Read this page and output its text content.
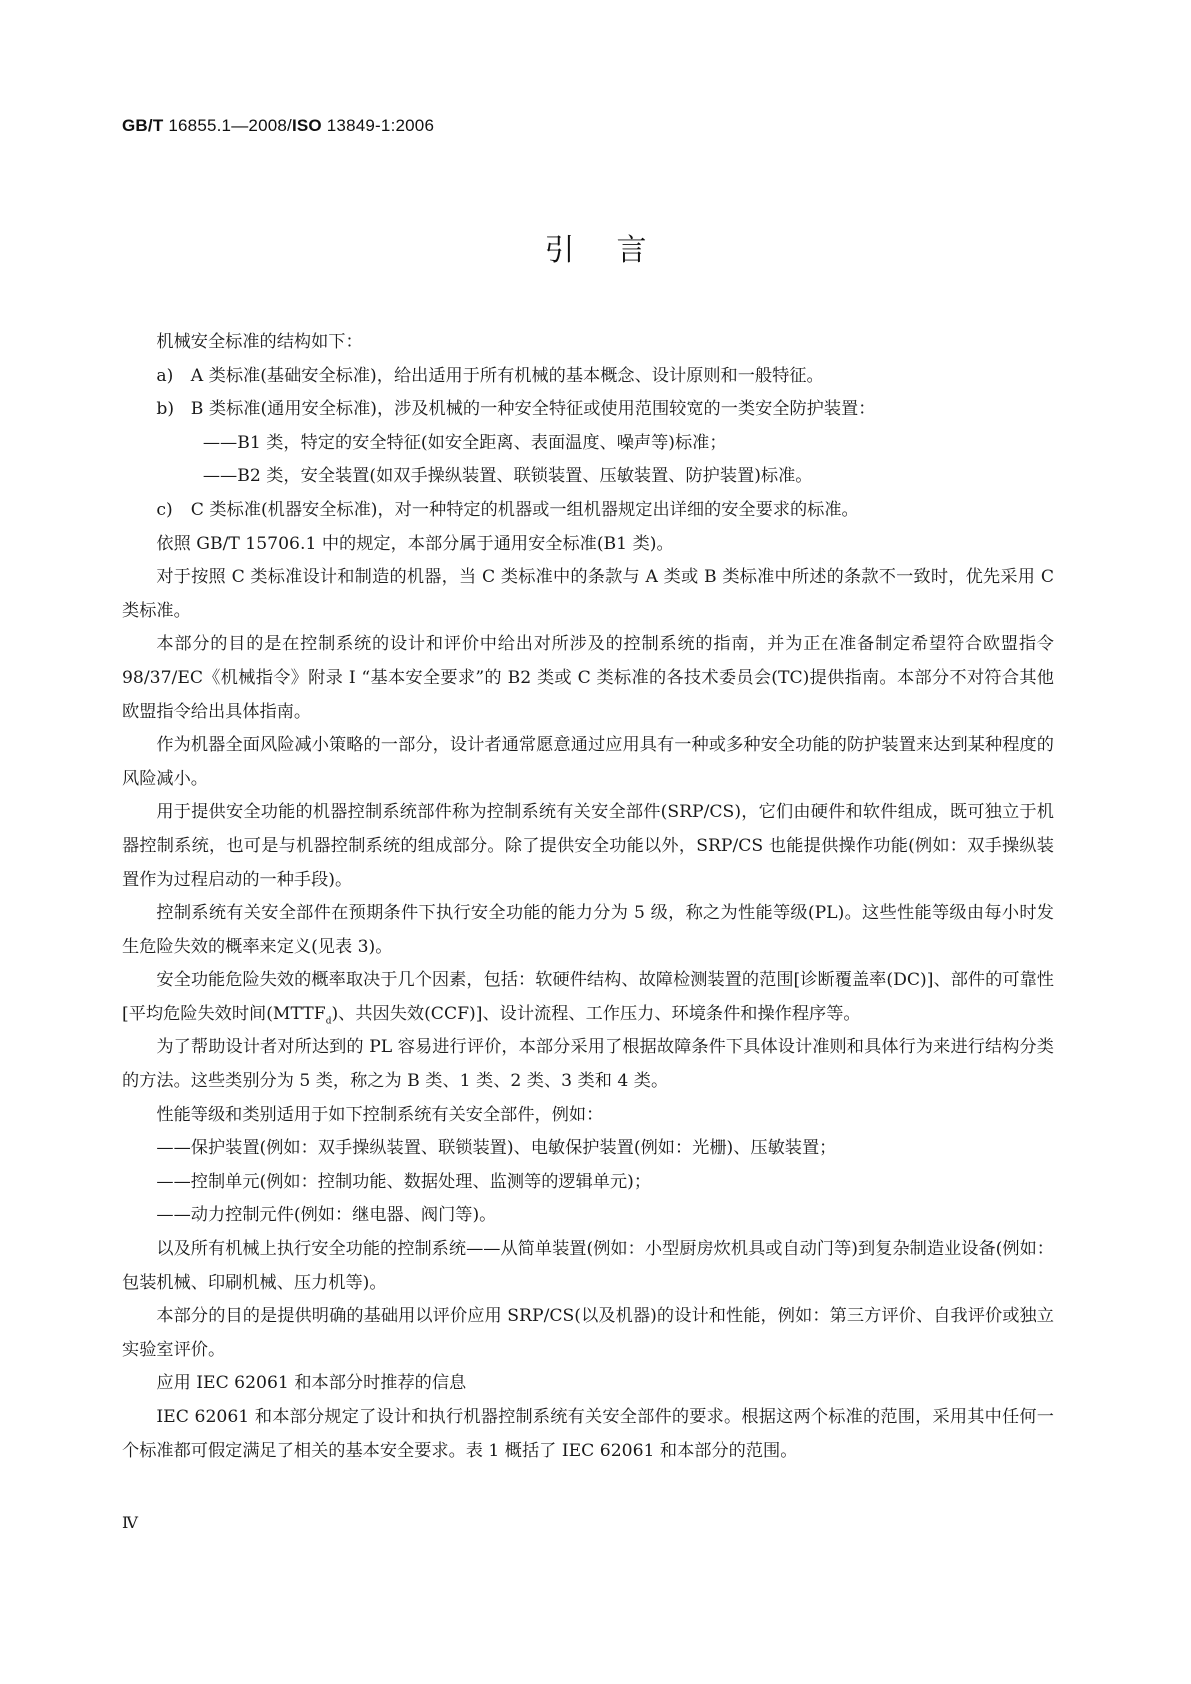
GB/T 16855.1—2008/ISO 13849-1:2006
引言

机械安全标准的结构如下：

a)	A 类标准(基础安全标准)，给出适用于所有机械的基本概念、设计原则和一般特征。

b) B 类标准(通用安全标准)，涉及机械的一种安全特征或使用范围较宽的一类安全防护装置：

——B1 类，特定的安全特征(如安全距离、表面温度、噪声等)标准；

——B2 类，安全装置(如双手操纵装置、联锁装置、压敏装置、防护装置)标准。

c)	C 类标准(机器安全标准)，对一种特定的机器或一组机器规定出详细的安全要求的标准。

依照 GB/T 15706.1 中的规定，本部分属于通用安全标准(B1 类)。

对于按照 C 类标准设计和制造的机器，当 C 类标准中的条款与 A 类或 B 类标准中所述的条款不一致时，优先采用 C 类标准。

本部分的目的是在控制系统的设计和评价中给出对所涉及的控制系统的指南，并为正在准备制定希望符合欧盟指令 98/37/EC《机械指令》附录 I “基本安全要求”的 B2 类或 C 类标准的各技术委员会(TC)提供指南。本部分不对符合其他欧盟指令给出具体指南。

作为机器全面风险减小策略的一部分，设计者通常愿意通过应用具有一种或多种安全功能的防护装置来达到某种程度的风险减小。

用于提供安全功能的机器控制系统部件称为控制系统有关安全部件(SRP/CS)，它们由硬件和软件组成，既可独立于机器控制系统，也可是与机器控制系统的组成部分。除了提供安全功能以外，SRP/CS 也能提供操作功能(例如：双手操纵装置作为过程启动的一种手段)。

控制系统有关安全部件在预期条件下执行安全功能的能力分为 5 级，称之为性能等级(PL)。这些性能等级由每小时发生危险失效的概率来定义(见表 3)。

安全功能危险失效的概率取决于几个因素，包括：软硬件结构、故障检测装置的范围[诊断覆盖率(DC)]、部件的可靠性[平均危险失效时间$(MTTF_d)$、共因失效(CCF)]、设计流程、工作压力、环境条件和操作程序等。

为了帮助设计者对所达到的 PL 容易进行评价，本部分采用了根据故障条件下具体设计准则和具体行为来进行结构分类的方法。这些类别分为 5 类，称之为 B 类、1 类、2 类、3 类和 4 类。

性能等级和类别适用于如下控制系统有关安全部件，例如：

——保护装置(例如：双手操纵装置、联锁装置)、电敏保护装置(例如：光栅)、压敏装置；

——控制单元(例如：控制功能、数据处理、监测等的逻辑单元)；

——动力控制元件(例如：继电器、阀门等)。

以及所有机械上执行安全功能的控制系统——从简单装置(例如：小型厨房炊机具或自动门等)到复杂制造业设备(例如：包装机械、印刷机械、压力机等)。

本部分的目的是提供明确的基础用以评价应用 SRP/CS(以及机器)的设计和性能，例如：第三方评价、自我评价或独立实验室评价。

应用 IEC 62061 和本部分时推荐的信息

IEC 62061 和本部分规定了设计和执行机器控制系统有关安全部件的要求。根据这两个标准的范围，采用其中任何一个标准都可假定满足了相关的基本安全要求。表 1 概括了 IEC 62061 和本部分的范围。

Ⅳ
